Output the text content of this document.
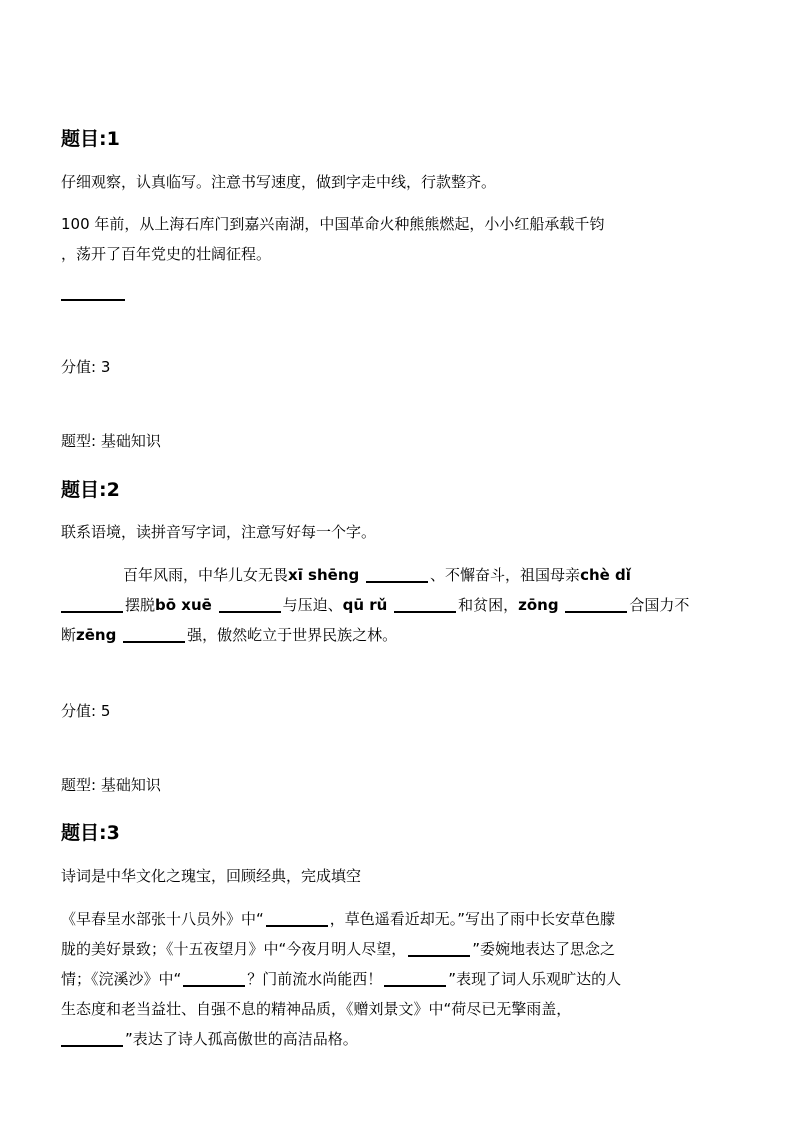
题目:1
仔细观察，认真临写。注意书写速度，做到字走中线，行款整齐。
100 年前，从上海石库门到嘉兴南湖，中国革命火种熊熊燃起，小小红船承载千钧
，荡开了百年党史的壮阔征程。
分值: 3
题型: 基础知识
题目:2
联系语境，读拼音写字词，注意写好每一个字。
百年风雨，中华儿女无畏xī shēng	、不懈奋斗，祖国母亲chè dǐ
摆脱bō xuē	与压迫、qū rǔ	和贫困，zōng	合国力不
断zēng	强，傲然屹立于世界民族之林。
分值: 5
题型: 基础知识
题目:3
诗词是中华文化之瑰宝，回顾经典，完成填空
《早春呈水部张十八员外》中“	，草色遥看近却无。”写出了雨中长安草色朦
胧的美好景致；《十五夜望月》中“今夜月明人尽望，	”委婉地表达了思念之
情；《浣溪沙》中“	？门前流水尚能西！	”表现了词人乐观旷达的人
生态度和老当益壮、自强不息的精神品质，《赠刘景文》中“荷尽已无擎雨盖，
”表达了诗人孤高傲世的高洁品格。
